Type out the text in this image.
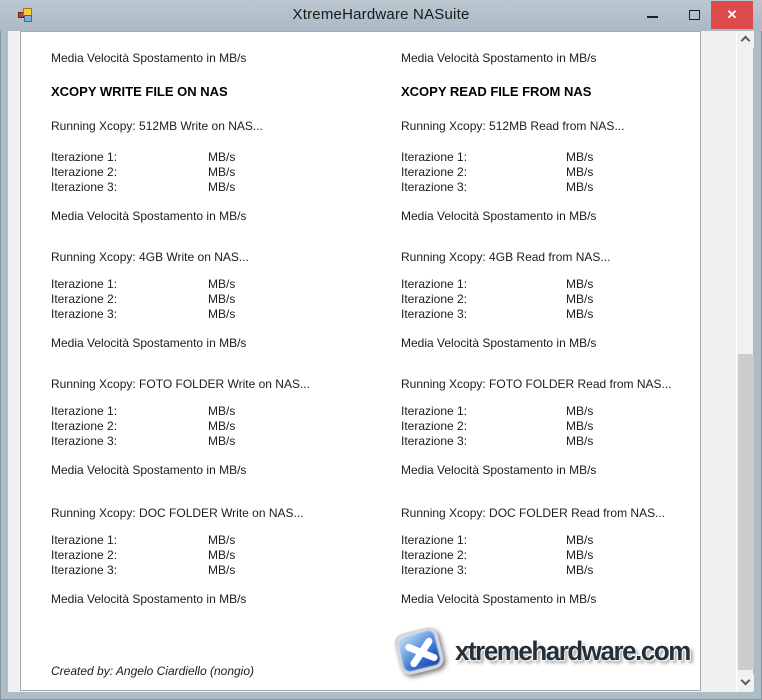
XtremeHardware NASuite	✕
Media Velocità Spostamento in MB/s	Media Velocità Spostamento in MB/s
XCOPY WRITE FILE ON NAS	XCOPY READ FILE FROM NAS
Running Xcopy: 512MB Write on NAS...	Running Xcopy: 512MB Read from NAS...
Iterazione 1:	MB/s	Iterazione 1:	MB/s
Iterazione 2:	MB/s	Iterazione 2:	MB/s
Iterazione 3:	MB/s	Iterazione 3:	MB/s
Media Velocità Spostamento in MB/s	Media Velocità Spostamento in MB/s
Running Xcopy: 4GB Write on NAS...	Running Xcopy: 4GB Read from NAS...
Iterazione 1:	MB/s	Iterazione 1:	MB/s
Iterazione 2:	MB/s	Iterazione 2:	MB/s
Iterazione 3:	MB/s	Iterazione 3:	MB/s
Media Velocità Spostamento in MB/s	Media Velocità Spostamento in MB/s
Running Xcopy: FOTO FOLDER Write on NAS...	Running Xcopy: FOTO FOLDER Read from NAS...
Iterazione 1:	MB/s	Iterazione 1:	MB/s
Iterazione 2:	MB/s	Iterazione 2:	MB/s
Iterazione 3:	MB/s	Iterazione 3:	MB/s
Media Velocità Spostamento in MB/s	Media Velocità Spostamento in MB/s
Running Xcopy: DOC FOLDER Write on NAS...	Running Xcopy: DOC FOLDER Read from NAS...
Iterazione 1:	MB/s	Iterazione 1:	MB/s
Iterazione 2:	MB/s	Iterazione 2:	MB/s
Iterazione 3:	MB/s	Iterazione 3:	MB/s
Media Velocità Spostamento in MB/s	Media Velocità Spostamento in MB/s
Created by: Angelo Ciardiello (nongio)
xtremehardware.com
